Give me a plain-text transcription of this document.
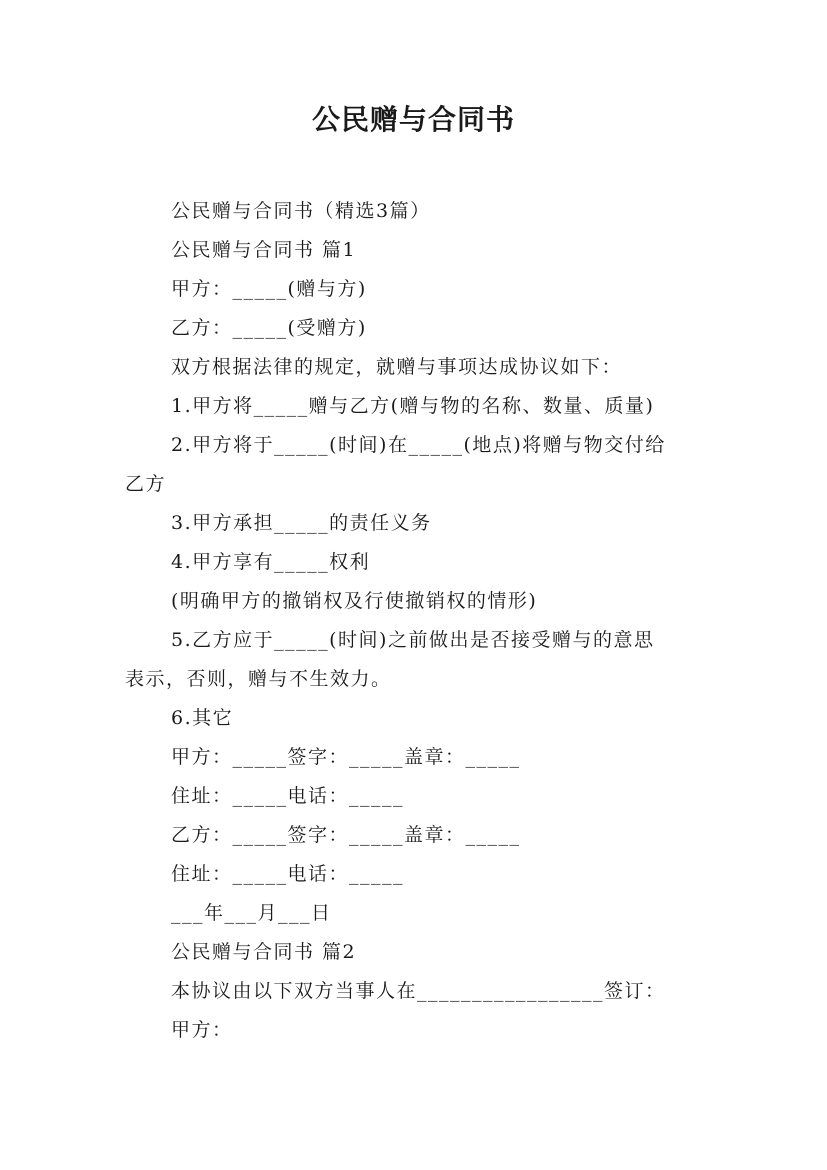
公民赠与合同书
公民赠与合同书（精选3篇）
公民赠与合同书 篇1
甲方：_____(赠与方)
乙方：_____(受赠方)
双方根据法律的规定，就赠与事项达成协议如下：
1.甲方将_____赠与乙方(赠与物的名称、数量、质量)
2.甲方将于_____(时间)在_____(地点)将赠与物交付给
乙方
3.甲方承担_____的责任义务
4.甲方享有_____权利
(明确甲方的撤销权及行使撤销权的情形)
5.乙方应于_____(时间)之前做出是否接受赠与的意思
表示，否则，赠与不生效力。
6.其它
甲方：_____签字：_____盖章：_____
住址：_____电话：_____
乙方：_____签字：_____盖章：_____
住址：_____电话：_____
___年___月___日
公民赠与合同书 篇2
本协议由以下双方当事人在_________________签订：
甲方：
